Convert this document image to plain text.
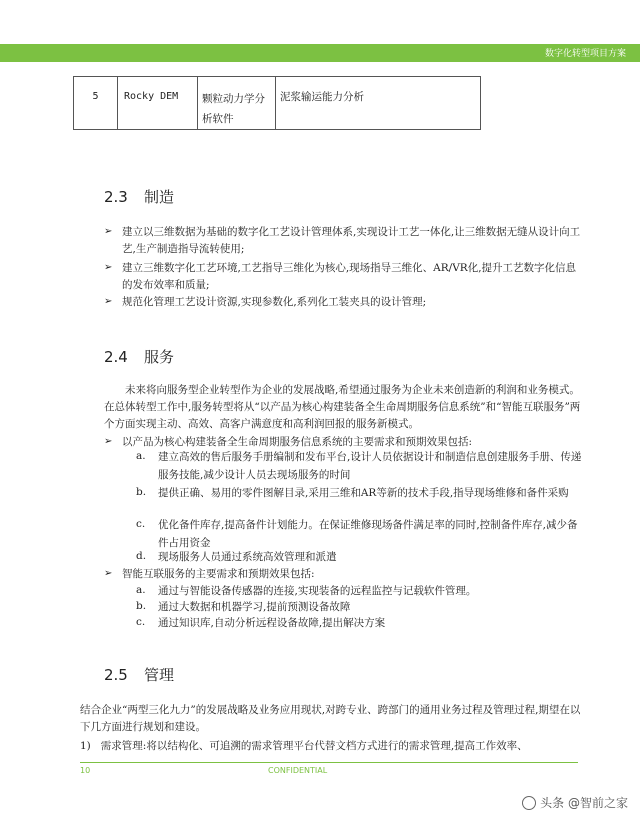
数字化转型项目方案
5	Rocky DEM	颗粒动力学分析软件	泥浆输运能力分析
2.3 制造
➢ 建立以三维数据为基础的数字化工艺设计管理体系,实现设计工艺一体化,让三维数据无缝从设计向工艺,生产制造指导流转使用;
➢ 建立三维数字化工艺环境,工艺指导三维化为核心,现场指导三维化、AR/VR化,提升工艺数字化信息的发布效率和质量;
➢ 规范化管理工艺设计资源,实现参数化,系列化工装夹具的设计管理;
2.4 服务
未来将向服务型企业转型作为企业的发展战略,希望通过服务为企业未来创造新的利润和业务模式。在总体转型工作中,服务转型将从“以产品为核心构建装备全生命周期服务信息系统”和“智能互联服务”两个方面实现主动、高效、高客户满意度和高利润回报的服务新模式。
➢ 以产品为核心构建装备全生命周期服务信息系统的主要需求和预期效果包括:
a. 建立高效的售后服务手册编制和发布平台,设计人员依据设计和制造信息创建服务手册、传递服务技能,减少设计人员去现场服务的时间
b. 提供正确、易用的零件图解目录,采用三维和AR等新的技术手段,指导现场维修和备件采购
c. 优化备件库存,提高备件计划能力。在保证维修现场备件满足率的同时,控制备件库存,减少备件占用资金
d. 现场服务人员通过系统高效管理和派遣
➢ 智能互联服务的主要需求和预期效果包括:
a. 通过与智能设备传感器的连接,实现装备的远程监控与记载软件管理。
b. 通过大数据和机器学习,提前预测设备故障
c. 通过知识库,自动分析远程设备故障,提出解决方案
2.5 管理
结合企业“两型三化九力”的发展战略及业务应用现状,对跨专业、跨部门的通用业务过程及管理过程,期望在以下几方面进行规划和建设。
1)   需求管理:将以结构化、可追溯的需求管理平台代替文档方式进行的需求管理,提高工作效率、
10	CONFIDENTIAL
头条 @智前之家
